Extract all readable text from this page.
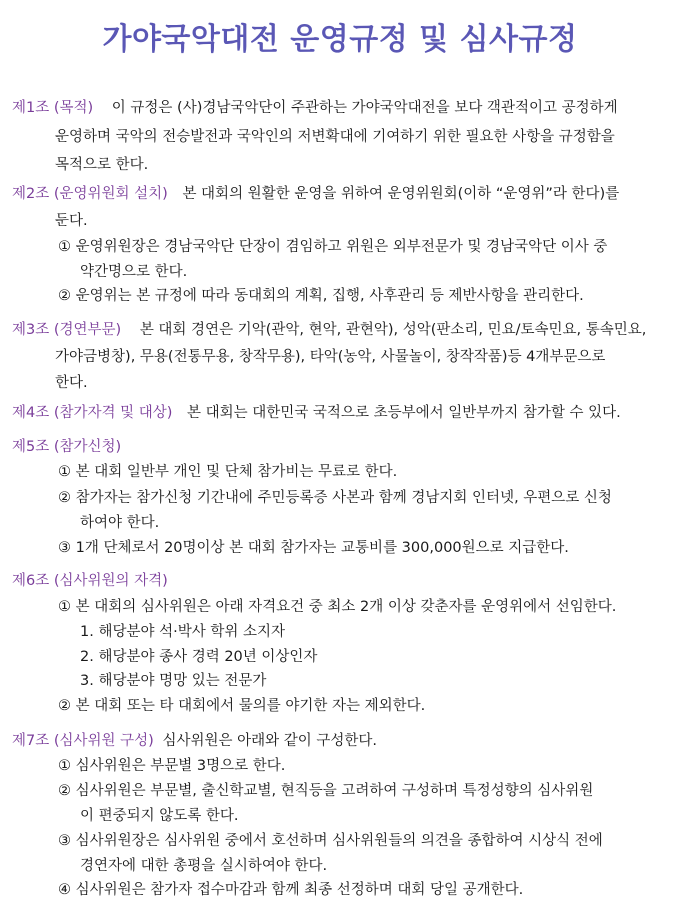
가야국악대전 운영규정 및 심사규정
제1조 (목적) 이 규정은 (사)경남국악단이 주관하는 가야국악대전을 보다 객관적이고 공정하게
운영하며 국악의 전승발전과 국악인의 저변확대에 기여하기 위한 필요한 사항을 규정함을
목적으로 한다.
제2조 (운영위원회 설치) 본 대회의 원활한 운영을 위하여 운영위원회(이하 “운영위”라 한다)를
둔다.
① 운영위원장은 경남국악단 단장이 겸임하고 위원은 외부전문가 및 경남국악단 이사 중
약간명으로 한다.
② 운영위는 본 규정에 따라 동대회의 계획, 집행, 사후관리 등 제반사항을 관리한다.
제3조 (경연부문) 본 대회 경연은 기악(관악, 현악, 관현악), 성악(판소리, 민요/토속민요, 통속민요,
가야금병창), 무용(전통무용, 창작무용), 타악(농악, 사물놀이, 창작작품)등 4개부문으로
한다.
제4조 (참가자격 및 대상) 본 대회는 대한민국 국적으로 초등부에서 일반부까지 참가할 수 있다.
제5조 (참가신청)
① 본 대회 일반부 개인 및 단체 참가비는 무료로 한다.
② 참가자는 참가신청 기간내에 주민등록증 사본과 함께 경남지회 인터넷, 우편으로 신청
하여야 한다.
③ 1개 단체로서 20명이상 본 대회 참가자는 교통비를 300,000원으로 지급한다.
제6조 (심사위원의 자격)
① 본 대회의 심사위원은 아래 자격요건 중 최소 2개 이상 갖춘자를 운영위에서 선임한다.
1. 해당분야 석·박사 학위 소지자
2. 해당분야 종사 경력 20년 이상인자
3. 해당분야 명망 있는 전문가
② 본 대회 또는 타 대회에서 물의를 야기한 자는 제외한다.
제7조 (심사위원 구성) 심사위원은 아래와 같이 구성한다.
① 심사위원은 부문별 3명으로 한다.
② 심사위원은 부문별, 출신학교별, 현직등을 고려하여 구성하며 특정성향의 심사위원
이 편중되지 않도록 한다.
③ 심사위원장은 심사위원 중에서 호선하며 심사위원들의 의견을 종합하여 시상식 전에
경연자에 대한 총평을 실시하여야 한다.
④ 심사위원은 참가자 접수마감과 함께 최종 선정하며 대회 당일 공개한다.
